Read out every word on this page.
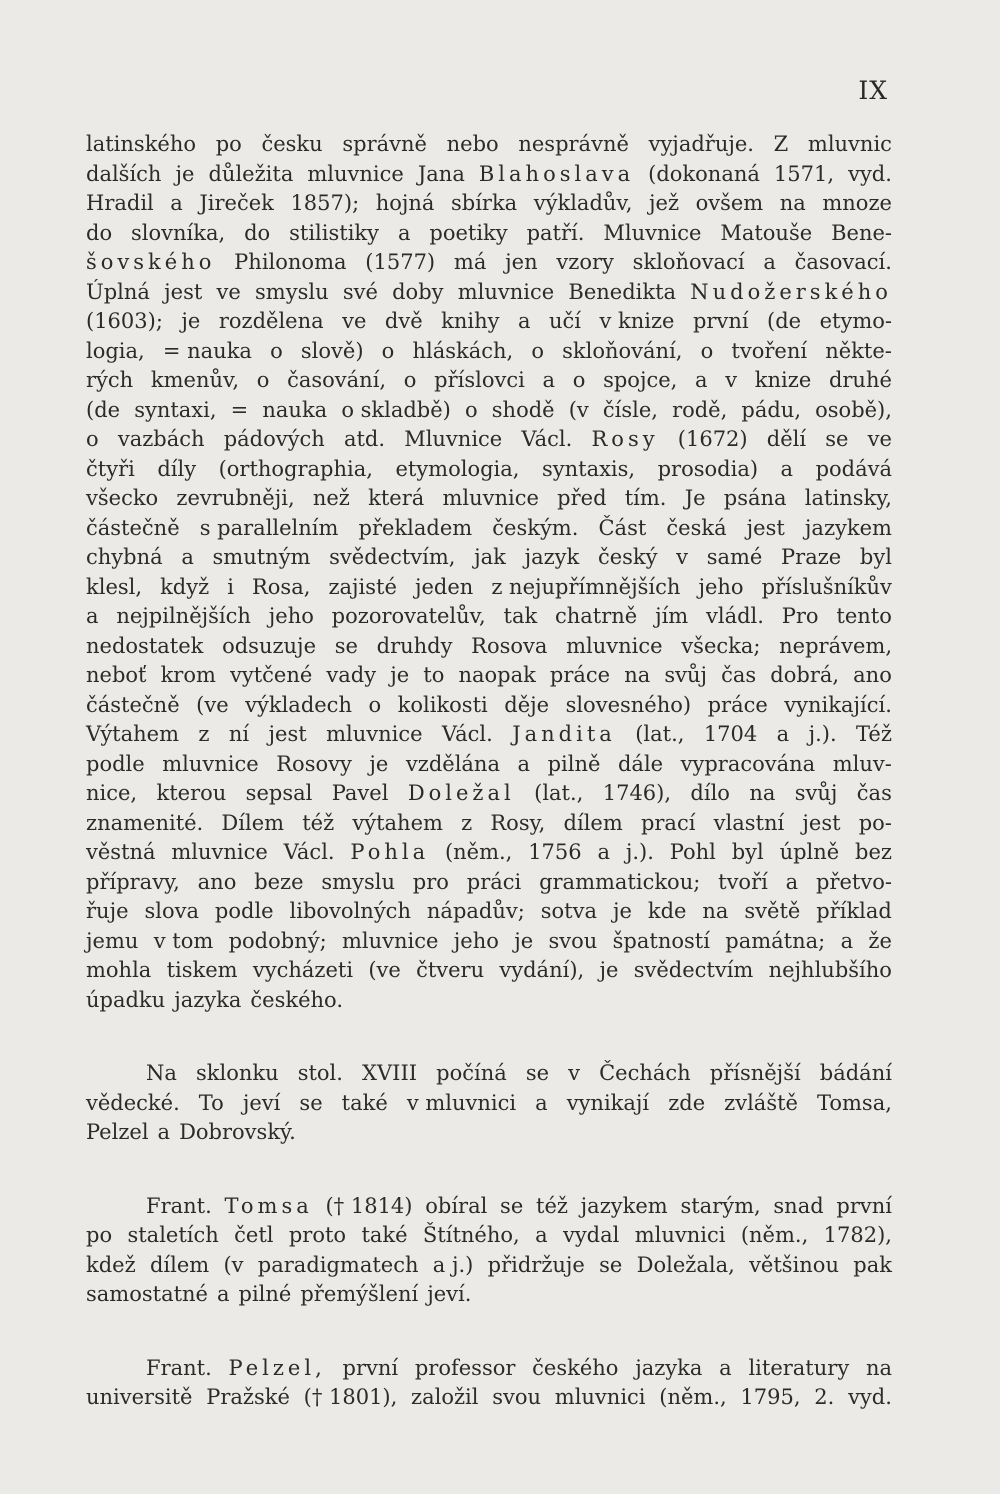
IX
latinského po česku správně nebo nesprávně vyjadřuje. Z mluvnic
dalších je důležita mluvnice Jana Blahoslava (dokonaná 1571, vyd.
Hradil a Jireček 1857); hojná sbírka výkladův, jež ovšem na mnoze
do slovníka, do stilistiky a poetiky patří. Mluvnice Matouše Bene-
šovského Philonoma (1577) má jen vzory skloňovací a časovací.
Úplná jest ve smyslu své doby mluvnice Benedikta Nudožerského
(1603); je rozdělena ve dvě knihy a učí v knize první (de etymo-
logia, = nauka o slově) o hláskách, o skloňování, o tvoření někte-
rých kmenův, o časování, o příslovci a o spojce, a v knize druhé
(de syntaxi, = nauka o skladbě) o shodě (v čísle, rodě, pádu, osobě),
o vazbách pádových atd. Mluvnice Václ. Rosy (1672) dělí se ve
čtyři díly (orthographia, etymologia, syntaxis, prosodia) a podává
všecko zevrubněji, než která mluvnice před tím. Je psána latinsky,
částečně s parallelním překladem českým. Část česká jest jazykem
chybná a smutným svědectvím, jak jazyk český v samé Praze byl
klesl, když i Rosa, zajisté jeden z nejupřímnějších jeho příslušníkův
a nejpilnějších jeho pozorovatelův, tak chatrně jím vládl. Pro tento
nedostatek odsuzuje se druhdy Rosova mluvnice všecka; neprávem,
neboť krom vytčené vady je to naopak práce na svůj čas dobrá, ano
částečně (ve výkladech o kolikosti děje slovesného) práce vynikající.
Výtahem z ní jest mluvnice Václ. Jandita (lat., 1704 a j.). Též
podle mluvnice Rosovy je vzdělána a pilně dále vypracována mluv-
nice, kterou sepsal Pavel Doležal (lat., 1746), dílo na svůj čas
znamenité. Dílem též výtahem z Rosy, dílem prací vlastní jest po-
věstná mluvnice Václ. Pohla (něm., 1756 a j.). Pohl byl úplně bez
přípravy, ano beze smyslu pro práci grammatickou; tvoří a přetvo-
řuje slova podle libovolných nápadův; sotva je kde na světě příklad
jemu v tom podobný; mluvnice jeho je svou špatností památna; a že
mohla tiskem vycházeti (ve čtveru vydání), je svědectvím nejhlubšího
úpadku jazyka českého.
Na sklonku stol. XVIII počíná se v Čechách přísnější bádání
vědecké. To jeví se také v mluvnici a vynikají zde zvláště Tomsa,
Pelzel a Dobrovský.
Frant. Tomsa († 1814) obíral se též jazykem starým, snad první
po staletích četl proto také Štítného, a vydal mluvnici (něm., 1782),
kdež dílem (v paradigmatech a j.) přidržuje se Doležala, většinou pak
samostatné a pilné přemýšlení jeví.
Frant. Pelzel, první professor českého jazyka a literatury na
universitě Pražské († 1801), založil svou mluvnici (něm., 1795, 2. vyd.
